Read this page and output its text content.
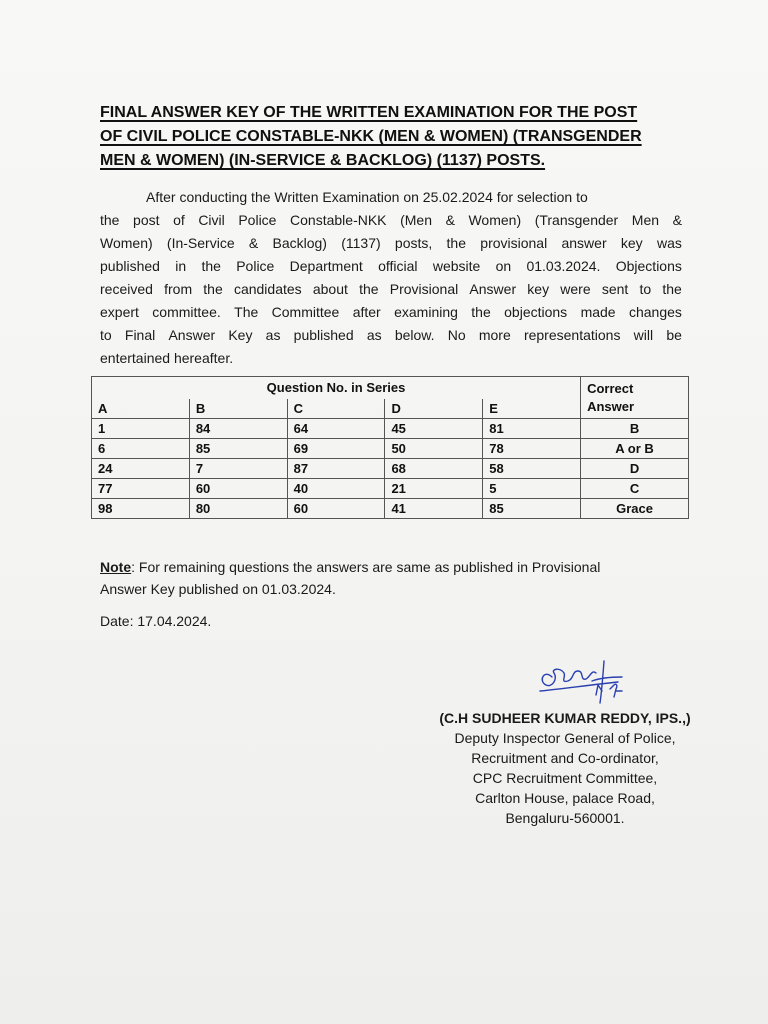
FINAL ANSWER KEY OF THE WRITTEN EXAMINATION FOR THE POST
OF CIVIL POLICE CONSTABLE-NKK (MEN & WOMEN) (TRANSGENDER
MEN & WOMEN) (IN-SERVICE & BACKLOG) (1137) POSTS.
After conducting the Written Examination on 25.02.2024 for selection to
the post of Civil Police Constable-NKK (Men & Women) (Transgender Men &
Women) (In-Service & Backlog) (1137) posts, the provisional answer key was
published in the Police Department official website on 01.03.2024. Objections
received from the candidates about the Provisional Answer key were sent to the
expert committee. The Committee after examining the objections made changes
to Final Answer Key as published as below. No more representations will be
entertained hereafter.
Question No. in Series					Correct
Answer
A	B	C	D	E	
1	84	64	45	81	B
6	85	69	50	78	A or B
24	7	87	68	58	D
77	60	40	21	5	C
98	80	60	41	85	Grace
Note : For remaining questions the answers are same as published in Provisional
Answer Key published on 01.03.2024.
Date: 17.04.2024.
(C.H SUDHEER KUMAR REDDY, IPS.,)
Deputy Inspector General of Police,
Recruitment and Co-ordinator,
CPC Recruitment Committee,
Carlton House, palace Road,
Bengaluru-560001.
